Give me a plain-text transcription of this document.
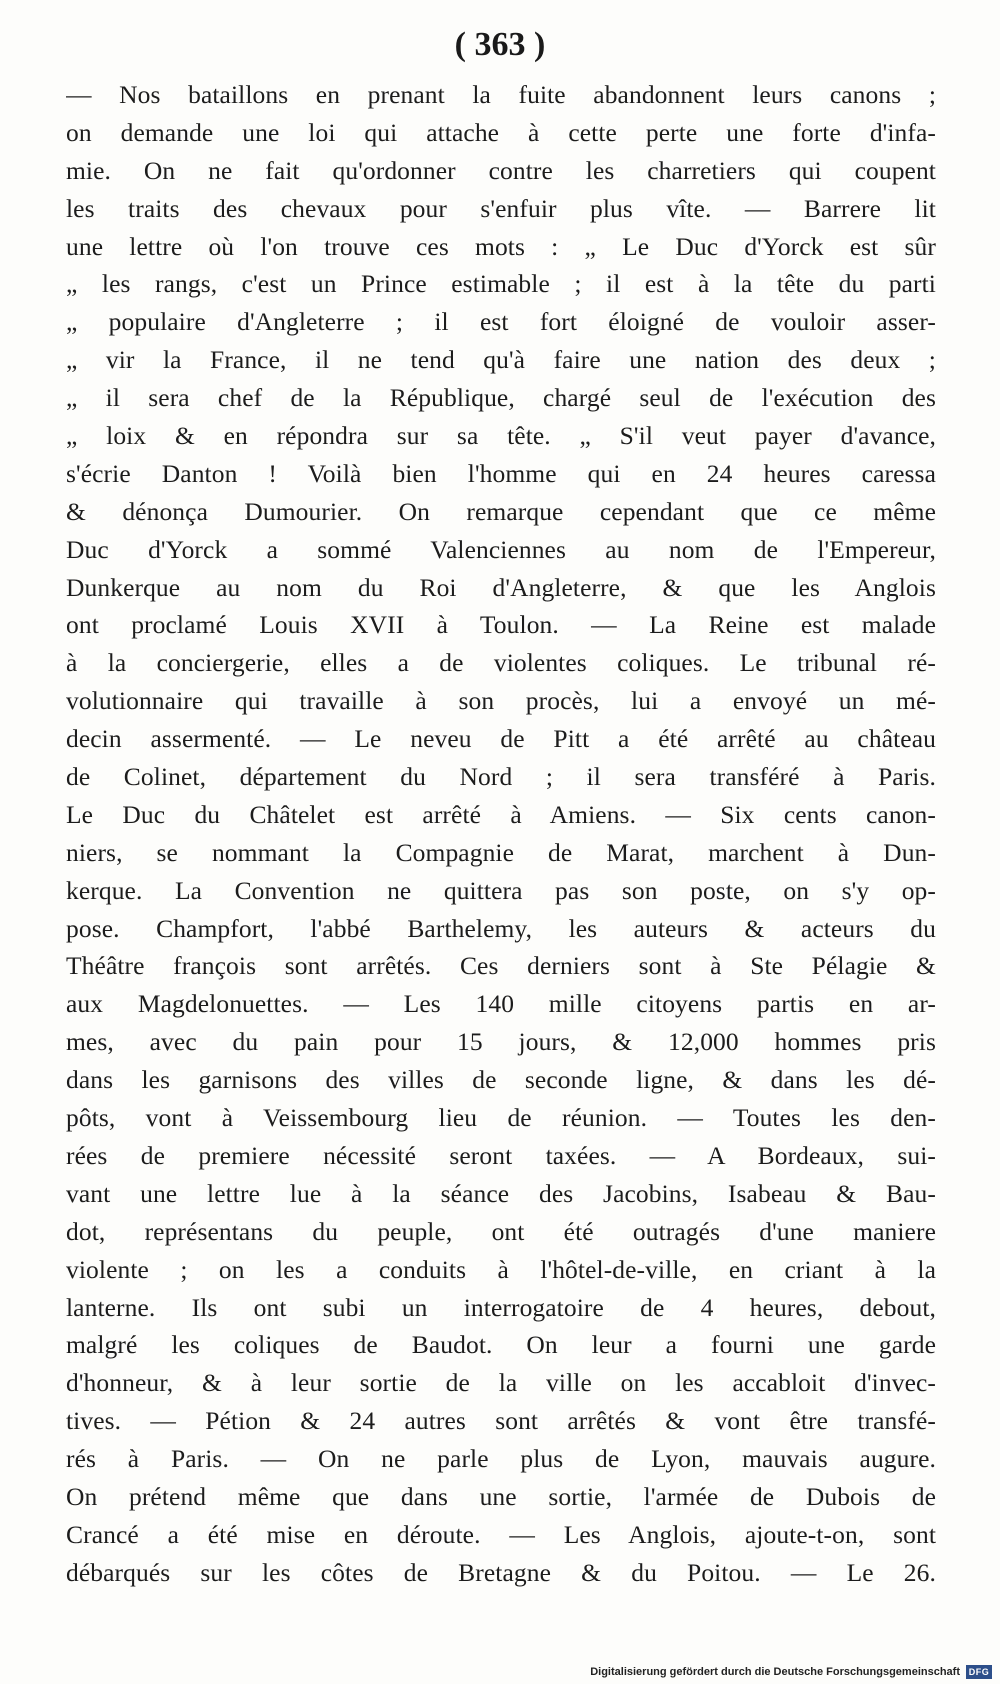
( 363 )
— Nos bataillons en prenant la fuite abandonnent leurs canons ;
on demande une loi qui attache à cette perte une forte d'infa-
mie. On ne fait qu'ordonner contre les charretiers qui coupent
les traits des chevaux pour s'enfuir plus vîte. — Barrere lit
une lettre où l'on trouve ces mots : „ Le Duc d'Yorck est sûr
„ les rangs, c'est un Prince estimable ; il est à la tête du parti
„ populaire d'Angleterre ; il est fort éloigné de vouloir asser-
„ vir la France, il ne tend qu'à faire une nation des deux ;
„ il sera chef de la République, chargé seul de l'exécution des
„ loix & en répondra sur sa tête. „ S'il veut payer d'avance,
s'écrie Danton ! Voilà bien l'homme qui en 24 heures caressa
& dénonça Dumourier. On remarque cependant que ce même
Duc d'Yorck a sommé Valenciennes au nom de l'Empereur,
Dunkerque au nom du Roi d'Angleterre, & que les Anglois
ont proclamé Louis XVII à Toulon. — La Reine est malade
à la conciergerie, elles a de violentes coliques. Le tribunal ré-
volutionnaire qui travaille à son procès, lui a envoyé un mé-
decin assermenté. — Le neveu de Pitt a été arrêté au château
de Colinet, département du Nord ; il sera transféré à Paris.
Le Duc du Châtelet est arrêté à Amiens. — Six cents canon-
niers, se nommant la Compagnie de Marat, marchent à Dun-
kerque. La Convention ne quittera pas son poste, on s'y op-
pose. Champfort, l'abbé Barthelemy, les auteurs & acteurs du
Théâtre françois sont arrêtés. Ces derniers sont à Ste Pélagie &
aux Magdelonuettes. — Les 140 mille citoyens partis en ar-
mes, avec du pain pour 15 jours, & 12,000 hommes pris
dans les garnisons des villes de seconde ligne, & dans les dé-
pôts, vont à Veissembourg lieu de réunion. — Toutes les den-
rées de premiere nécessité seront taxées. — A Bordeaux, sui-
vant une lettre lue à la séance des Jacobins, Isabeau & Bau-
dot, représentans du peuple, ont été outragés d'une maniere
violente ; on les a conduits à l'hôtel-de-ville, en criant à la
lanterne. Ils ont subi un interrogatoire de 4 heures, debout,
malgré les coliques de Baudot. On leur a fourni une garde
d'honneur, & à leur sortie de la ville on les accabloit d'invec-
tives. — Pétion & 24 autres sont arrêtés & vont être transfé-
rés à Paris. — On ne parle plus de Lyon, mauvais augure.
On prétend même que dans une sortie, l'armée de Dubois de
Crancé a été mise en déroute. — Les Anglois, ajoute-t-on, sont
débarqués sur les côtes de Bretagne & du Poitou. — Le 26.
Digitalisierung gefördert durch die Deutsche Forschungsgemeinschaft DFG
